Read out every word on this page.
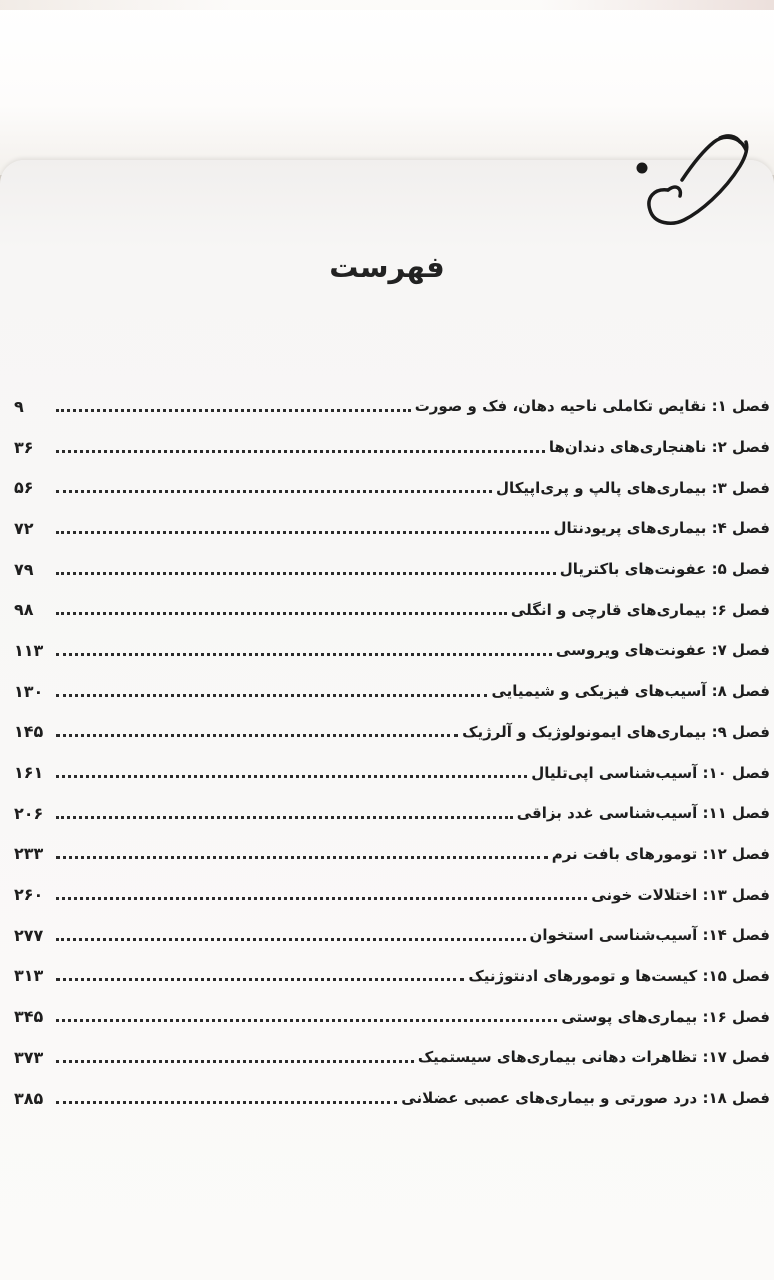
فهرست
فصل ۱: نقایص تکاملی ناحیه دهان، فک و صورت
۹
فصل ۲: ناهنجاری‌های دندان‌ها
۳۶
فصل ۳: بیماری‌های پالپ و پری‌اپیکال
۵۶
فصل ۴: بیماری‌های پریودنتال
۷۲
فصل ۵: عفونت‌های باکتریال
۷۹
فصل ۶: بیماری‌های قارچی و انگلی
۹۸
فصل ۷: عفونت‌های ویروسی
۱۱۳
فصل ۸: آسیب‌های فیزیکی و شیمیایی
۱۳۰
فصل ۹: بیماری‌های ایمونولوژیک و آلرژیک
۱۴۵
فصل ۱۰: آسیب‌شناسی اپی‌تلیال
۱۶۱
فصل ۱۱: آسیب‌شناسی غدد بزاقی
۲۰۶
فصل ۱۲: تومورهای بافت نرم
۲۳۳
فصل ۱۳: اختلالات خونی
۲۶۰
فصل ۱۴: آسیب‌شناسی استخوان
۲۷۷
فصل ۱۵: کیست‌ها و تومورهای ادنتوژنیک
۳۱۳
فصل ۱۶: بیماری‌های پوستی
۳۴۵
فصل ۱۷: تظاهرات دهانی بیماری‌های سیستمیک
۳۷۳
فصل ۱۸: درد صورتی و بیماری‌های عصبی عضلانی
۳۸۵
